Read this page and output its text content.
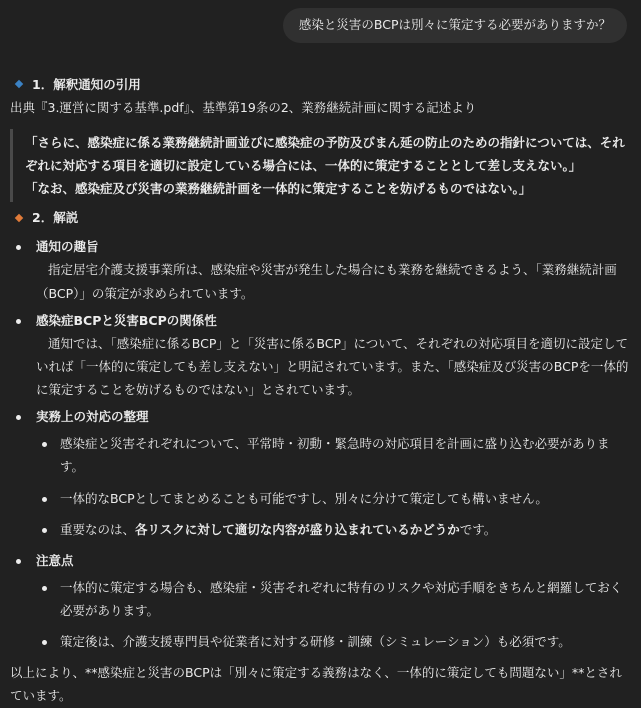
感染と災害のBCPは別々に策定する必要がありますか？
1．解釈通知の引用
出典『3.運営に関する基準.pdf』、基準第19条の2、業務継続計画に関する記述より
「さらに、感染症に係る業務継続計画並びに感染症の予防及びまん延の防止のための指針については、それぞれに対応する項目を適切に設定している場合には、一体的に策定することとして差し支えない。」
「なお、感染症及び災害の業務継続計画を一体的に策定することを妨げるものではない。」
2．解説
通知の趣旨
指定居宅介護支援事業所は、感染症や災害が発生した場合にも業務を継続できるよう、「業務継続計画（BCP）」の策定が求められています。
感染症BCPと災害BCPの関係性
通知では、「感染症に係るBCP」と「災害に係るBCP」について、それぞれの対応項目を適切に設定していれば「一体的に策定しても差し支えない」と明記されています。また、「感染症及び災害のBCPを一体的に策定することを妨げるものではない」とされています。
実務上の対応の整理
感染症と災害それぞれについて、平常時・初動・緊急時の対応項目を計画に盛り込む必要があります。
一体的なBCPとしてまとめることも可能ですし、別々に分けて策定しても構いません。
重要なのは、各リスクに対して適切な内容が盛り込まれているかどうかです。
注意点
一体的に策定する場合も、感染症・災害それぞれに特有のリスクや対応手順をきちんと網羅しておく必要があります。
策定後は、介護支援専門員や従業者に対する研修・訓練（シミュレーション）も必須です。
以上により、**感染症と災害のBCPは「別々に策定する義務はなく、一体的に策定しても問題ない」**とされています。
